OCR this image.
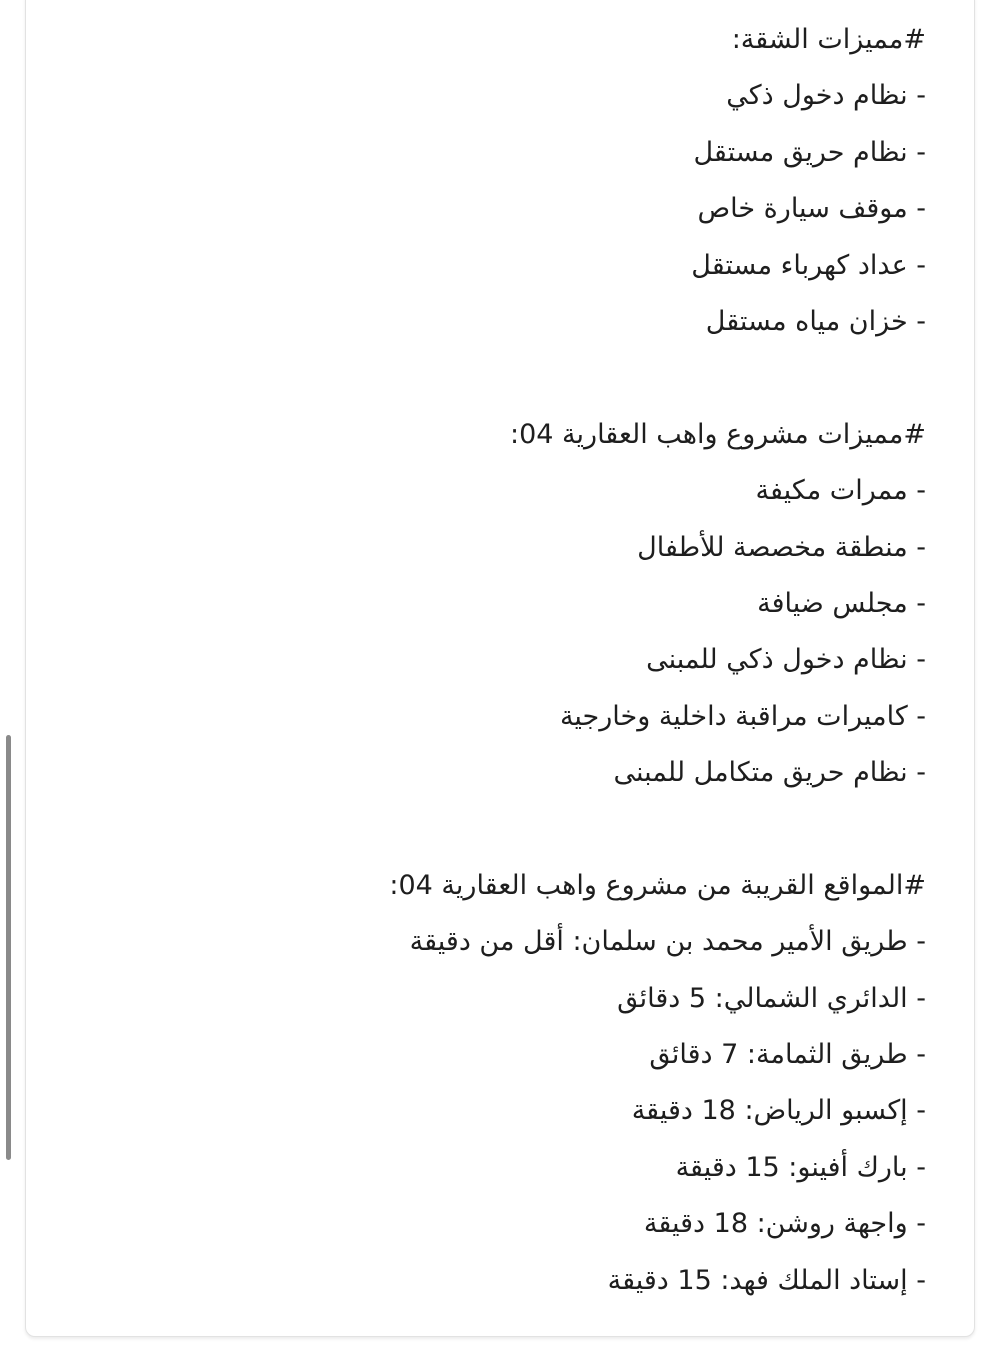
#مميزات الشقة:
- نظام دخول ذكي
- نظام حريق مستقل
- موقف سيارة خاص
- عداد كهرباء مستقل
- خزان مياه مستقل
#مميزات مشروع واهب العقارية 04:
- ممرات مكيفة
- منطقة مخصصة للأطفال
- مجلس ضيافة
- نظام دخول ذكي للمبنى
- كاميرات مراقبة داخلية وخارجية
- نظام حريق متكامل للمبنى
#المواقع القريبة من مشروع واهب العقارية 04:
- طريق الأمير محمد بن سلمان: أقل من دقيقة
- الدائري الشمالي: 5 دقائق
- طريق الثمامة: 7 دقائق
- إكسبو الرياض: 18 دقيقة
- بارك أفينو: 15 دقيقة
- واجهة روشن: 18 دقيقة
- إستاد الملك فهد: 15 دقيقة
